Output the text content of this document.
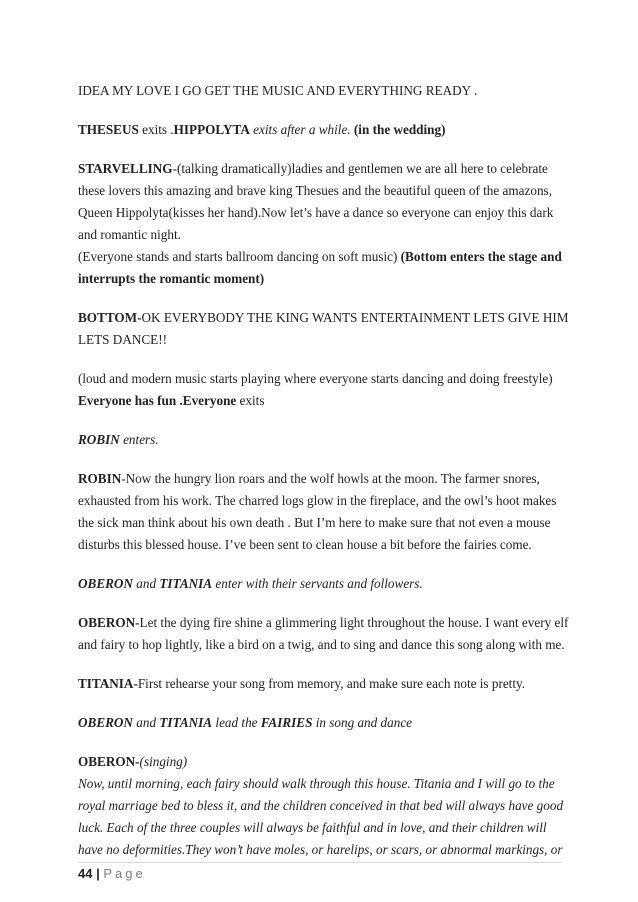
IDEA MY LOVE I GO GET THE MUSIC AND EVERYTHING READY .

THESEUS exits .HIPPOLYTA exits after a while. (in the wedding)

STARVELLING-(talking dramatically)ladies and gentlemen we are all here to celebrate these lovers this amazing and brave king Thesues and the beautiful queen of the amazons, Queen Hippolyta(kisses her hand).Now let’s have a dance so everyone can enjoy this dark and romantic night.
(Everyone stands and starts ballroom dancing on soft music) (Bottom enters the stage and interrupts the romantic moment)

BOTTOM-OK EVERYBODY THE KING WANTS ENTERTAINMENT LETS GIVE HIM LETS DANCE!!

(loud and modern music starts playing where everyone starts dancing and doing freestyle)
Everyone has fun .Everyone exits

ROBIN enters.

ROBIN-Now the hungry lion roars and the wolf howls at the moon. The farmer snores, exhausted from his work. The charred logs glow in the fireplace, and the owl’s hoot makes the sick man think about his own death . But I’m here to make sure that not even a mouse disturbs this blessed house. I’ve been sent to clean house a bit before the fairies come.

OBERON and TITANIA enter with their servants and followers.

OBERON-Let the dying fire shine a glimmering light throughout the house. I want every elf and fairy to hop lightly, like a bird on a twig, and to sing and dance this song along with me.

TITANIA-First rehearse your song from memory, and make sure each note is pretty.

OBERON and TITANIA lead the FAIRIES in song and dance

OBERON-(singing)
Now, until morning, each fairy should walk through this house. Titania and I will go to the royal marriage bed to bless it, and the children conceived in that bed will always have good luck. Each of the three couples will always be faithful and in love, and their children will have no deformities.They won’t have moles, or harelips, or scars, or abnormal markings, or

44 | Page
